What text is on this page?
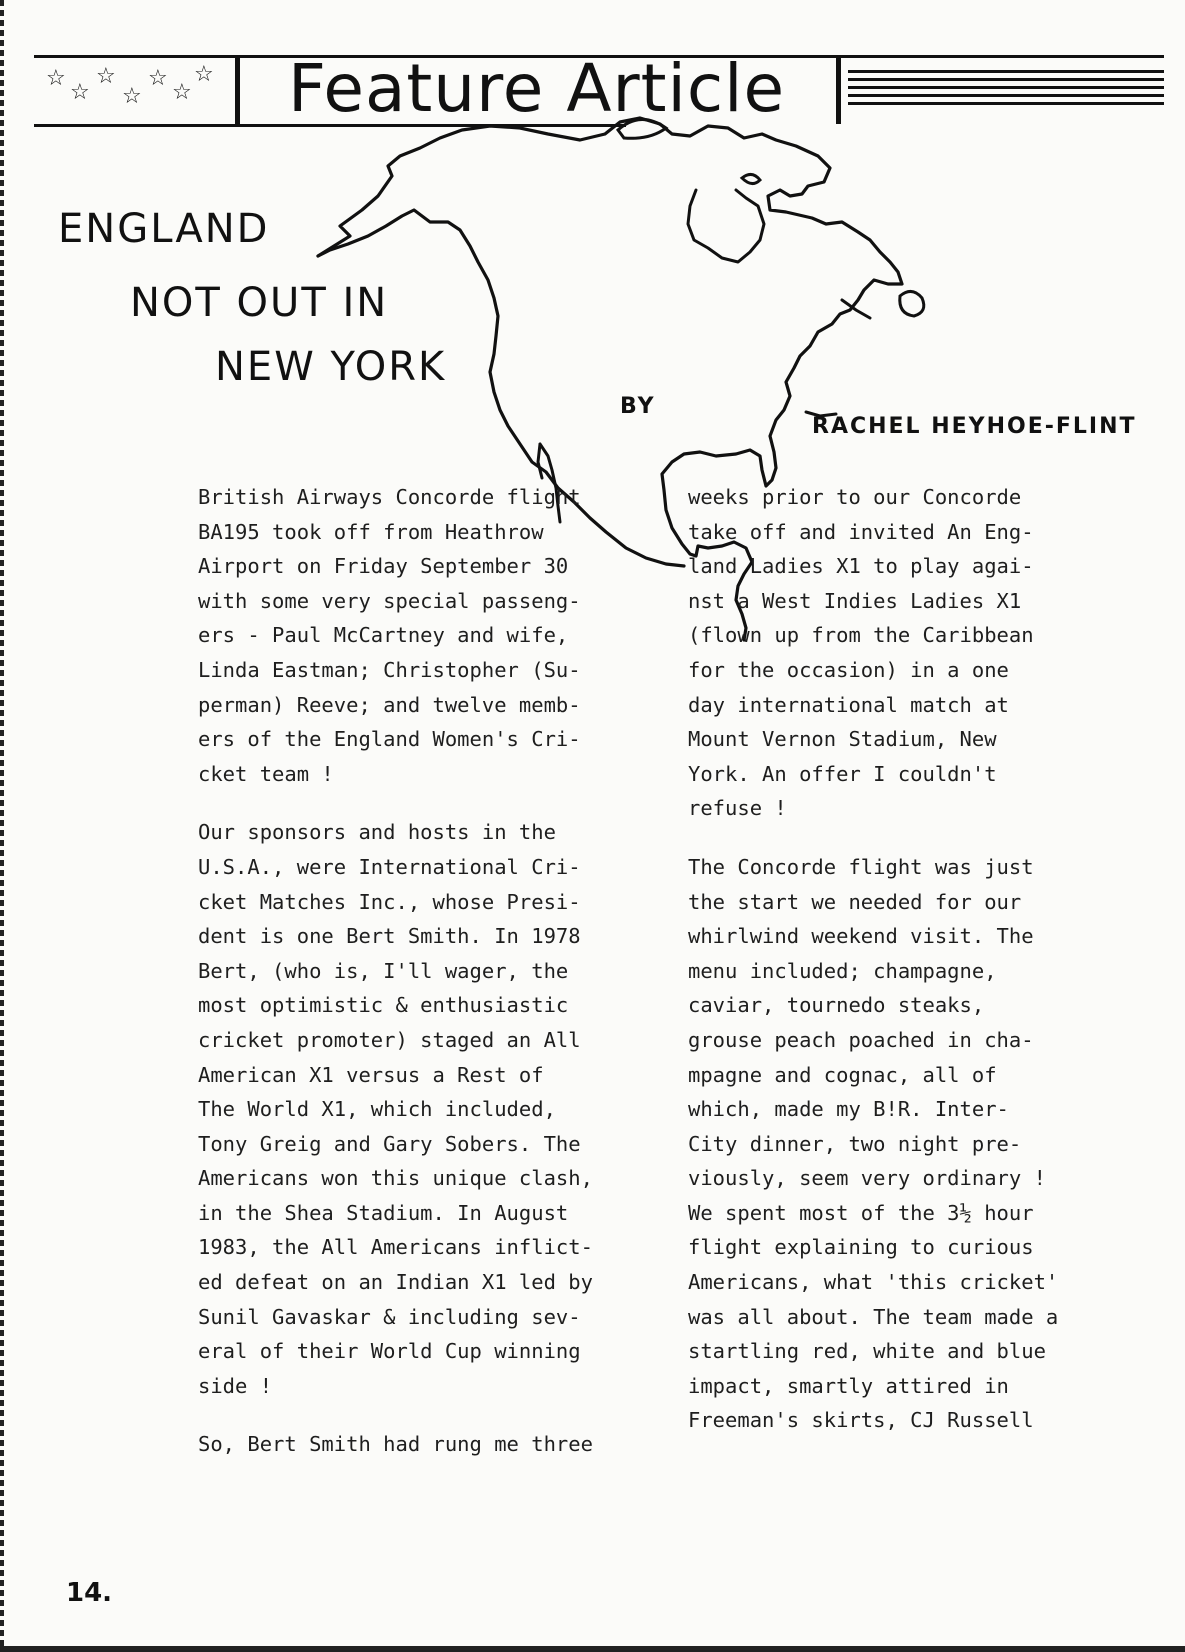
☆
☆
☆
☆
☆
☆
☆ Feature Article
ENGLAND
NOT OUT IN
NEW YORK
BY
RACHEL HEYHOE-FLINT

British Airways Concorde flight

BA195 took off from Heathrow

Airport on Friday September 30

with some very special passeng-

ers - Paul McCartney and wife,

Linda Eastman; Christopher (Su-

perman) Reeve; and twelve memb-

ers of the England Women's Cri-

cket team !

Our sponsors and hosts in the

U.S.A., were International Cri-

cket Matches Inc., whose Presi-

dent is one Bert Smith. In 1978

Bert, (who is, I'll wager, the

most optimistic & enthusiastic

cricket promoter) staged an All

American X1 versus a Rest of

The World X1, which included,

Tony Greig and Gary Sobers. The

Americans won this unique clash,

in the Shea Stadium. In August

1983, the All Americans inflict-

ed defeat on an Indian X1 led by

Sunil Gavaskar & including sev-

eral of their World Cup winning

side !

So, Bert Smith had rung me three

weeks prior to our Concorde

take off and invited An Eng-

land Ladies X1 to play agai-

nst a West Indies Ladies X1

(flown up from the Caribbean

for the occasion) in a one

day international match at

Mount Vernon Stadium, New

York. An offer I couldn't

refuse !

The Concorde flight was just

the start we needed for our

whirlwind weekend visit. The

menu included; champagne,

caviar, tournedo steaks,

grouse peach poached in cha-

mpagne and cognac, all of

which, made my B!R. Inter-

City dinner, two night pre-

viously, seem very ordinary !

We spent most of the 3½ hour

flight explaining to curious

Americans, what 'this cricket'

was all about. The team made a

startling red, white and blue

impact, smartly attired in

Freeman's skirts, CJ Russell

14.
